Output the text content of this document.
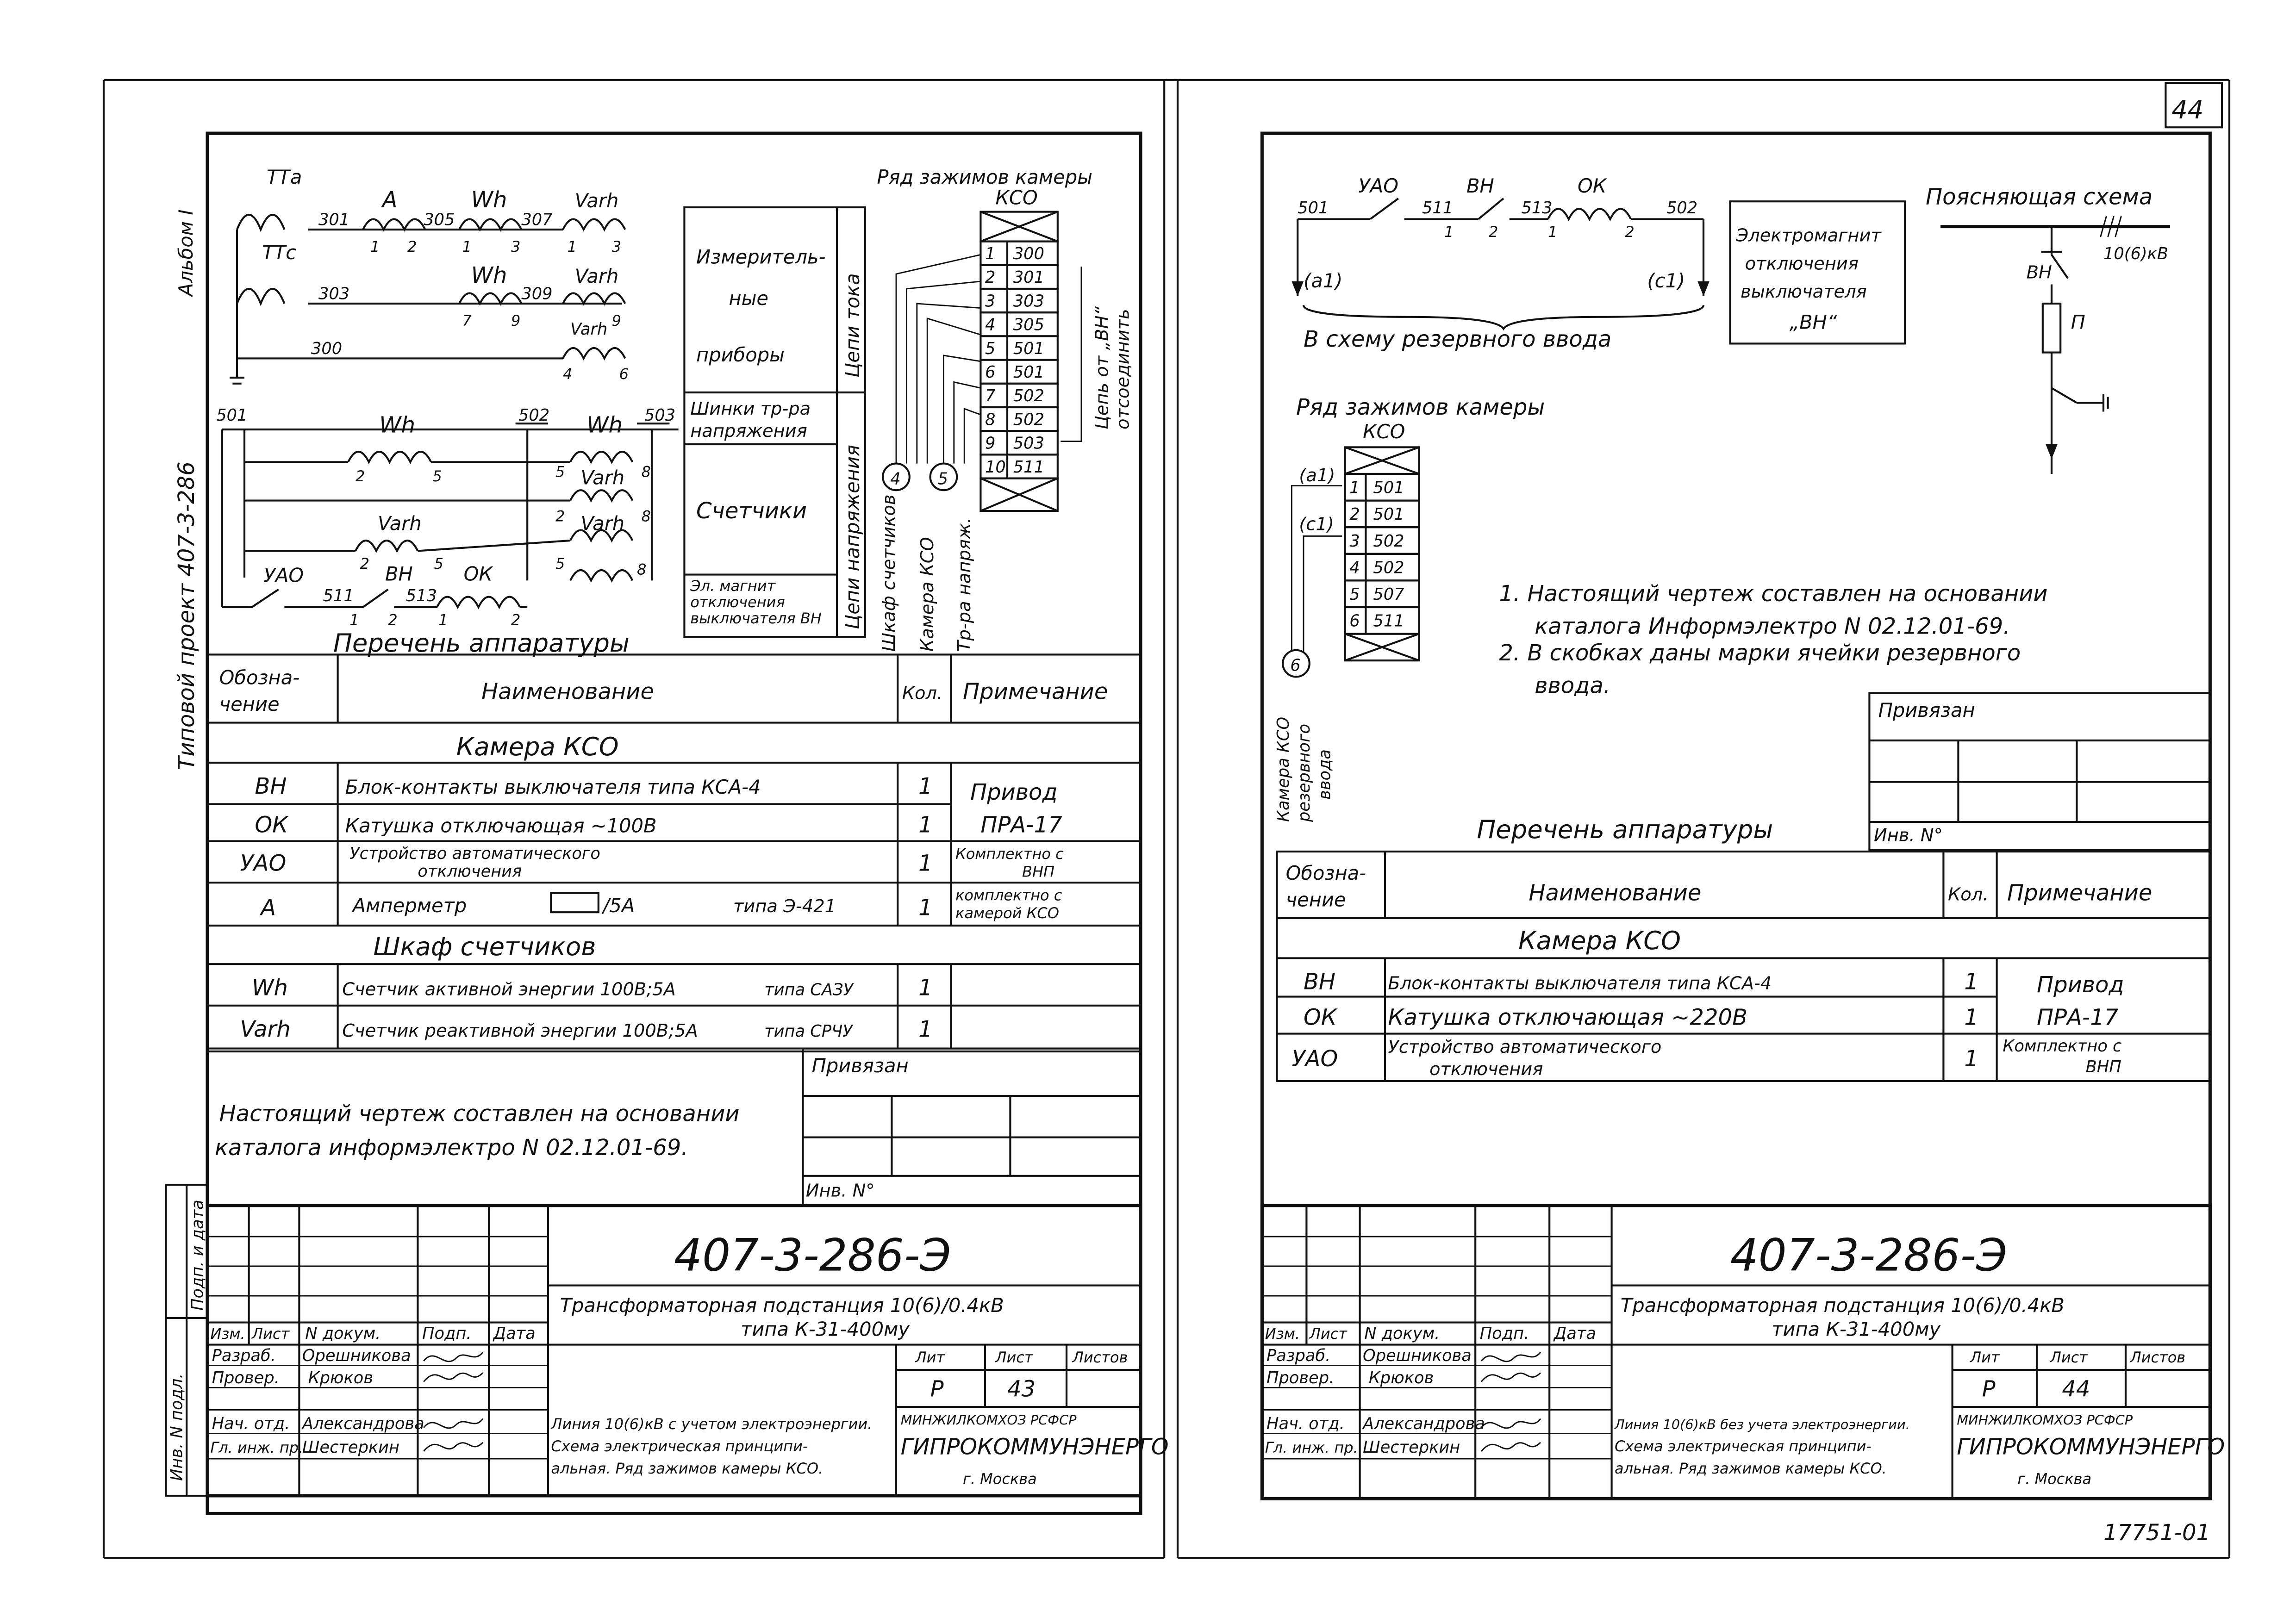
44
17751-01
Альбом I
Типовой проект 407-3-286
Инв. N подл.
Подп. и дата
ТТа
ТТс
301
303
300
305	307
309
A	Wh	Varh
Wh	Varh
Varh
1	2	1	3	1	3
7	9	9
4	6
501	502	503
Wh	Wh
Varh
Varh
Varh
2	5	5	8
2	8
2	5	5	8
УАО	ВН	ОК
511	513
1	2	1	2
Измеритель-
ные
приборы	Цепи тока
Шинки тр-ра
напряжения
Счетчики	Цепи напряжения
Эл. магнит
отключения
выключателя ВН	Шкаф счетчиков	Камера КСО	Тр-ра напряж.
Цепь от „ВН“ отсоединить
4	5
Ряд зажимов камеры
КСО
1	300
2	301
3	303
4	305
5	501
6	501
7	502
8	502
9	503
10 511
Перечень аппаратуры
Обозна-
чение	Наименование	Кол.	Примечание
Камера КСО
Шкаф счетчиков
ВН	Блок-контакты выключателя типа КСА-4	1	Привод
ПРА-17
ОК	Катушка отключающая ~100В	1
УАО	Устройство автоматического
отключения	1	Комплектно с
ВНП
А	Амперметр	/5А	типа Э-421	1	комплектно с
камерой КСО
Wh	Счетчик активной энергии 100В;5А	типа САЗУ	1
Varh	Счетчик реактивной энергии 100В;5А	типа СРЧУ	1
Привязан
Инв. N°
Настоящий чертеж составлен на основании
каталога информэлектро N 02.12.01-69.
Изм. Лист	N докум.	Подп.	Дата
Разраб.	Орешникова
Провер.	Крюков
Нач. отд. Александрова
Гл. инж. пр.
Шестеркин
407-3-286-Э
Трансформаторная подстанция 10(6)/0.4кВ
типа К-31-400му
Лит	Лист	Листов
Р	43
Линия 10(6)кВ с учетом электроэнергии.
Схема электрическая принципи-
альная. Ряд зажимов камеры КСО.
МИНЖИЛКОМХОЗ РСФСР
ГИПРОКОММУНЭНЕРГО
г. Москва
УАО	ВН	ОК
501	511	513	502
1	2	1	2
(а1)	(с1)
В схему резервного ввода
Электромагнит
отключения
выключателя
„ВН“
Поясняющая схема
10(6)кВ
ВН
П
Ряд зажимов камеры
КСО
1	501
2	501
3	502
4	502
5	507
6	511
(а1)
(с1)
6
Камера КСО резервного ввода
1. Настоящий чертеж составлен на основании
каталога Информэлектро N 02.12.01-69.
2. В скобках даны марки ячейки резервного
ввода.
Привязан
Инв. N°
Перечень аппаратуры
Обозна-
чение	Наименование	Кол.	Примечание
Камера КСО
ВН	Блок-контакты выключателя типа КСА-4	1	Привод
ПРА-17
ОК	Катушка отключающая ~220В	1
УАО	Устройство автоматического
отключения	1	Комплектно с
ВНП
Изм. Лист	N докум.	Подп.	Дата
Разраб.	Орешникова
Провер.	Крюков
Нач. отд.	Александрова
Гл. инж. пр. Шестеркин
407-3-286-Э
Трансформаторная подстанция 10(6)/0.4кВ
типа К-31-400му
Лит	Лист	Листов
Р	44
Линия 10(6)кВ без учета электроэнергии.
Схема электрическая принципи-
альная. Ряд зажимов камеры КСО.
МИНЖИЛКОМХОЗ РСФСР
ГИПРОКОММУНЭНЕРГО
г. Москва
